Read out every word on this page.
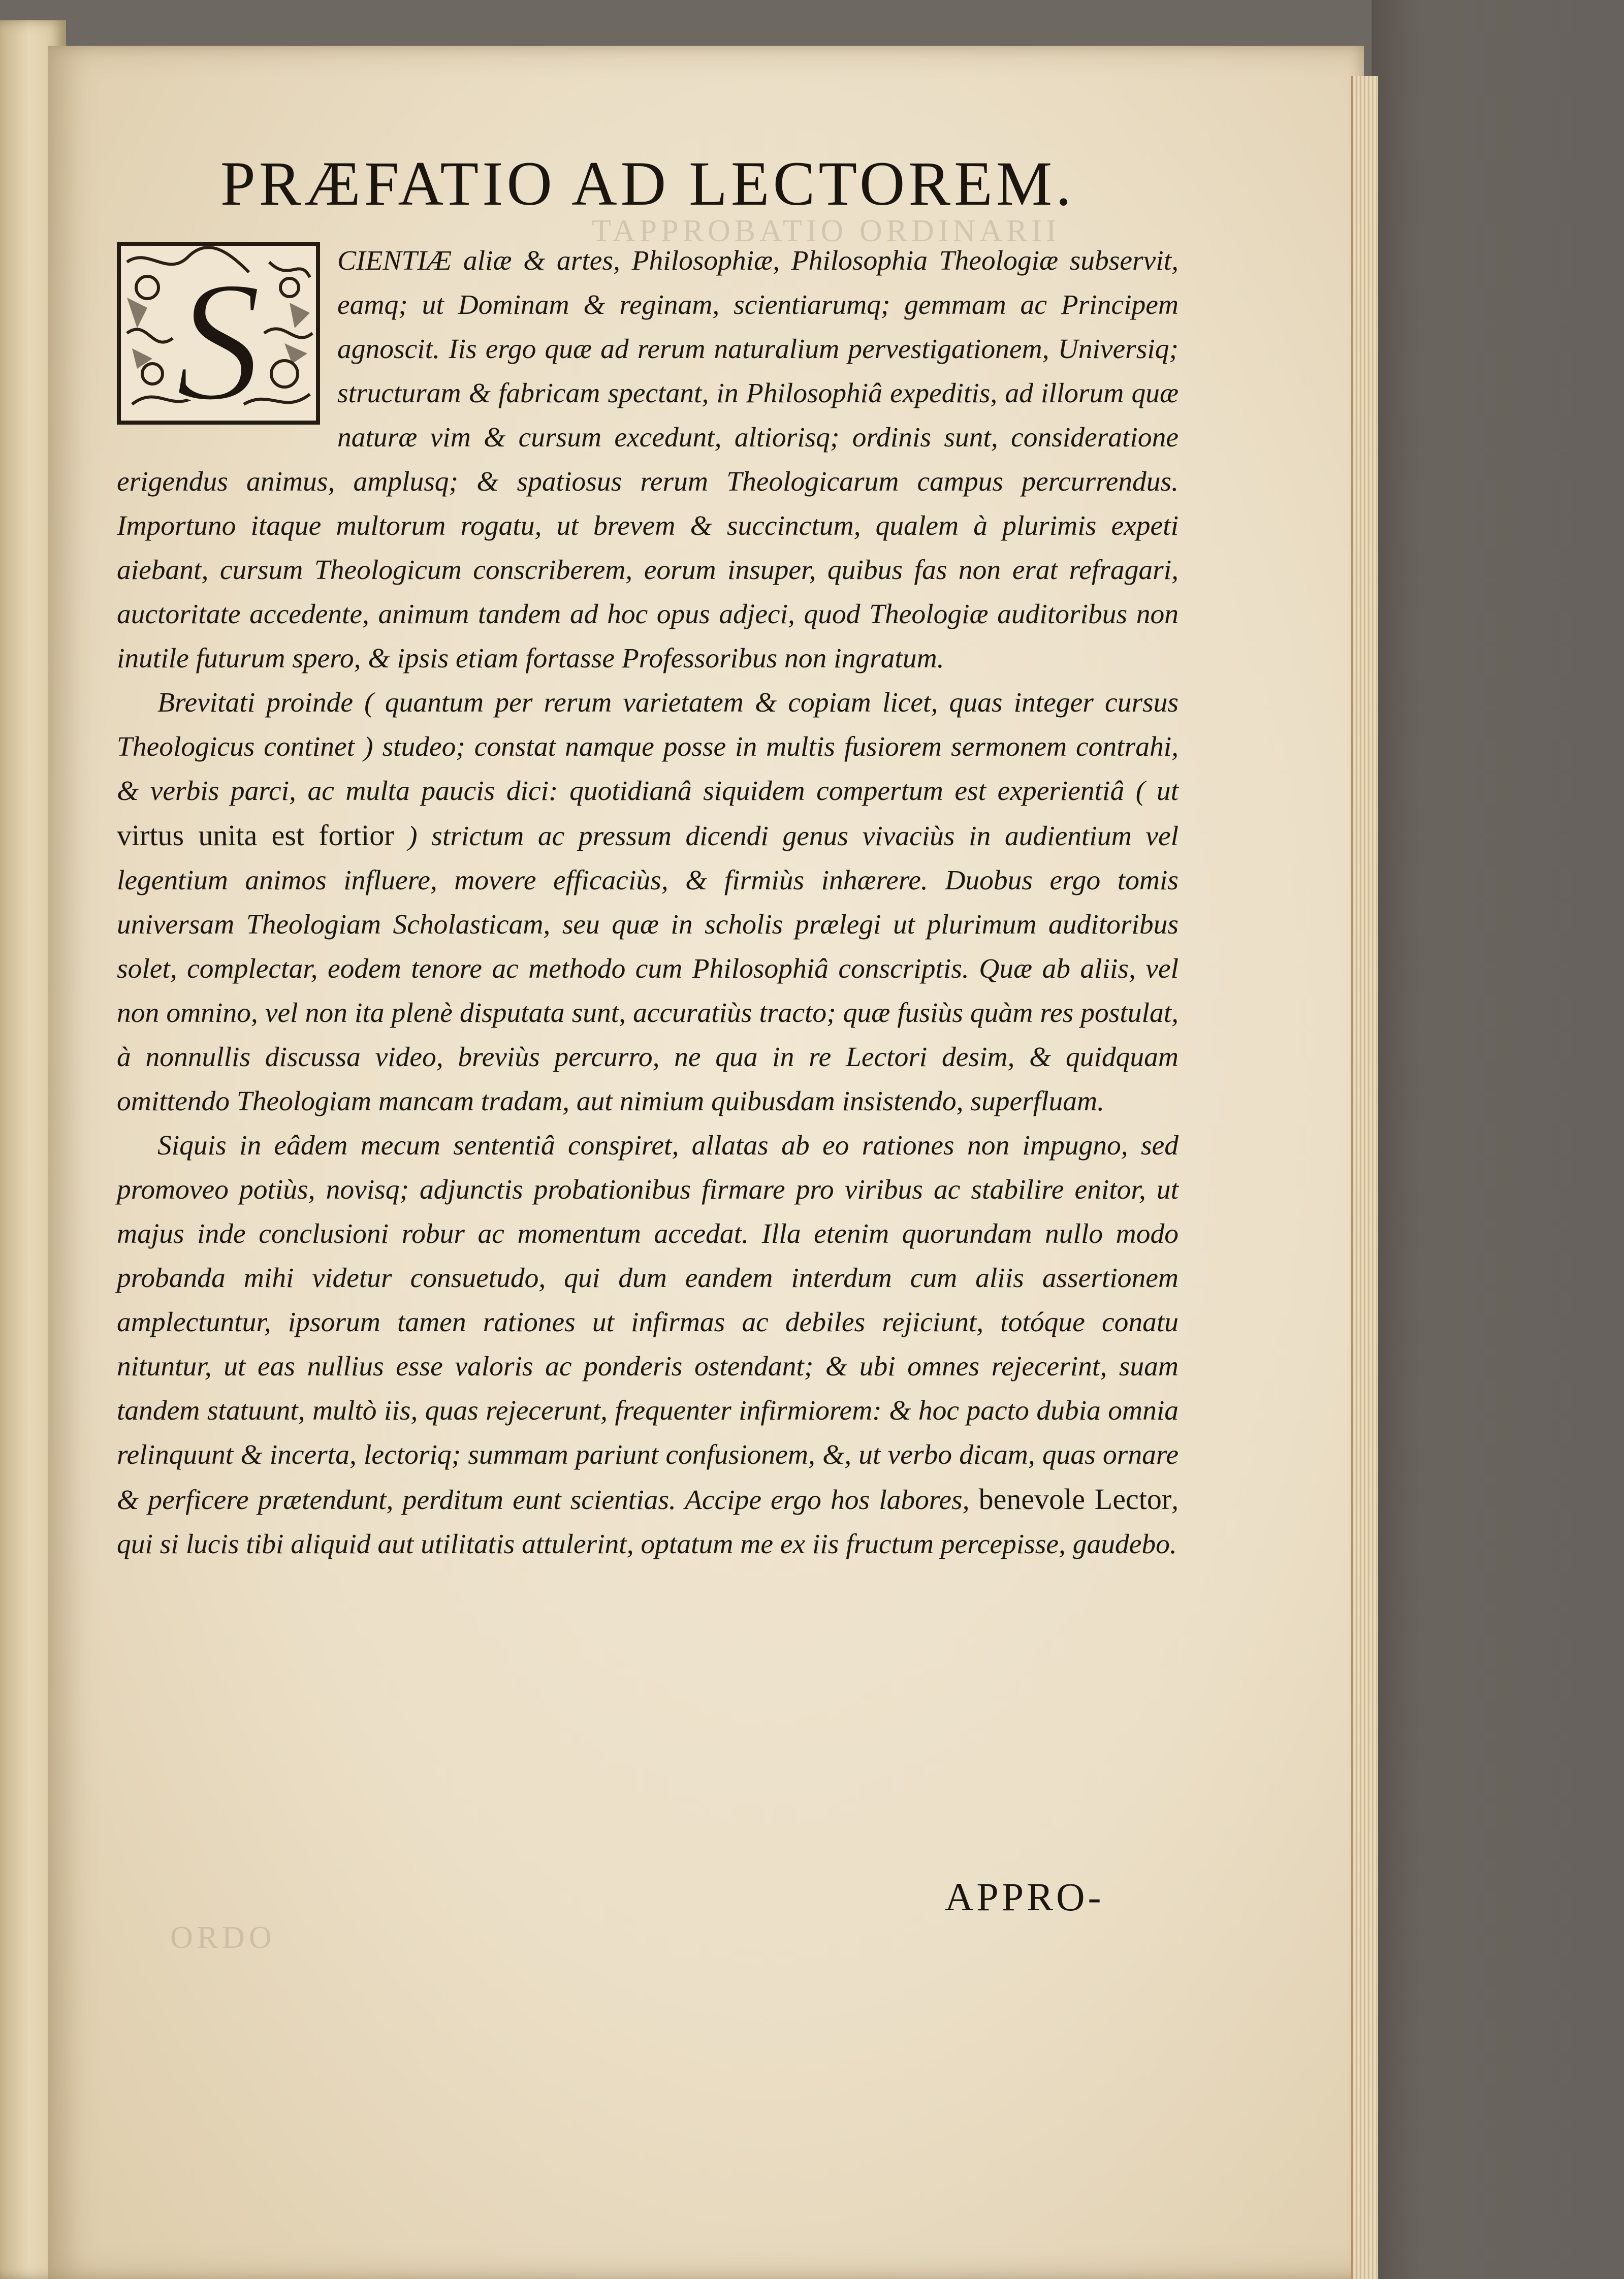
TAPPROBATIO ORDINARII
ORDO
PRÆFATIO AD LECTOREM.
S	CIENTIÆ aliæ & artes, Philosophiæ, Philosophia Theologiæ subservit, eamq; ut Dominam & reginam, scientiarumq; gemmam ac Principem agnoscit. Iis ergo quæ ad rerum naturalium pervestigationem, Universiq; structuram & fabricam spectant, in Philosophiâ expeditis, ad illorum quæ naturæ vim & cursum excedunt, altiorisq; ordinis sunt, consideratione erigendus animus, amplusq; & spatiosus rerum Theologicarum campus percurrendus. Importuno itaque multorum rogatu, ut brevem & succinctum, qualem à plurimis expeti aiebant, cursum Theologicum conscriberem, eorum insuper, quibus fas non erat refragari, auctoritate accedente, animum tandem ad hoc opus adjeci, quod Theologiæ auditoribus non inutile futurum spero, & ipsis etiam fortasse Professoribus non ingratum.

Brevitati proinde ( quantum per rerum varietatem & copiam licet, quas integer cursus Theologicus continet ) studeo; constat namque posse in multis fusiorem sermonem contrahi, & verbis parci, ac multa paucis dici: quotidianâ siquidem compertum est experientiâ ( ut virtus unita est fortior ) strictum ac pressum dicendi genus vivaciùs in audientium vel legentium animos influere, movere efficaciùs, & firmiùs inhærere. Duobus ergo tomis universam Theologiam Scholasticam, seu quæ in scholis prælegi ut plurimum auditoribus solet, complectar, eodem tenore ac methodo cum Philosophiâ conscriptis. Quæ ab aliis, vel non omnino, vel non ita plenè disputata sunt, accuratiùs tracto; quæ fusiùs quàm res postulat, à nonnullis discussa video, breviùs percurro, ne qua in re Lectori desim, & quidquam omittendo Theologiam mancam tradam, aut nimium quibusdam insistendo, superfluam.

Siquis in eâdem mecum sententiâ conspiret, allatas ab eo rationes non impugno, sed promoveo potiùs, novisq; adjunctis probationibus firmare pro viribus ac stabilire enitor, ut majus inde conclusioni robur ac momentum accedat. Illa etenim quorundam nullo modo probanda mihi videtur consuetudo, qui dum eandem interdum cum aliis assertionem amplectuntur, ipsorum tamen rationes ut infirmas ac debiles rejiciunt, totóque conatu nituntur, ut eas nullius esse valoris ac ponderis ostendant; & ubi omnes rejecerint, suam tandem statuunt, multò iis, quas rejecerunt, frequenter infirmiorem: & hoc pacto dubia omnia relinquunt & incerta, lectoriq; summam pariunt confusionem, &, ut verbo dicam, quas ornare & perficere prætendunt, perditum eunt scientias. Accipe ergo hos labores, benevole Lector, qui si lucis tibi aliquid aut utilitatis attulerint, optatum me ex iis fructum percepisse, gaudebo.

APPRO-
